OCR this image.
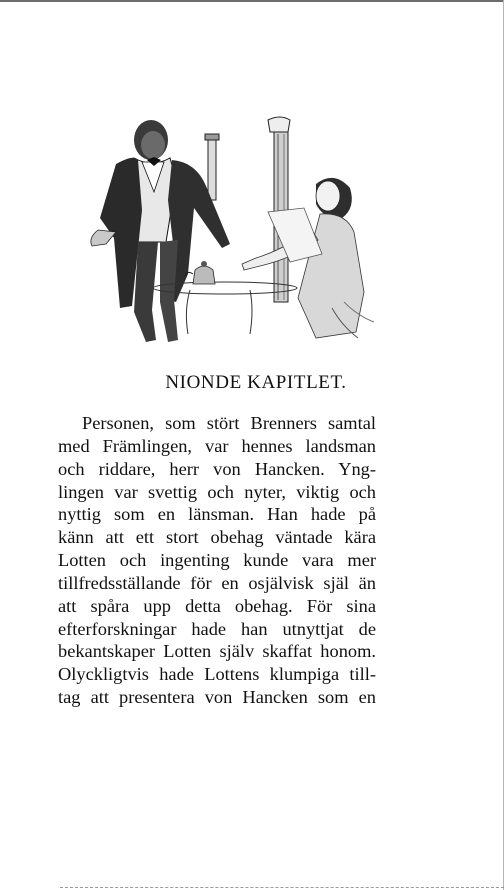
NIONDE KAPITLET.
Personen, som stört Brenners samtal
med Främlingen, var hennes landsman
och riddare, herr von Hancken. Yng-
lingen var svettig och nyter, viktig och
nyttig som en länsman. Han hade på
känn att ett stort obehag väntade kära
Lotten och ingenting kunde vara mer
tillfredsställande för en osjälvisk själ än
att spåra upp detta obehag. För sina
efterforskningar hade han utnyttjat de
bekantskaper Lotten själv skaffat honom.
Olyckligtvis hade Lottens klumpiga till-
tag att presentera von Hancken som en
